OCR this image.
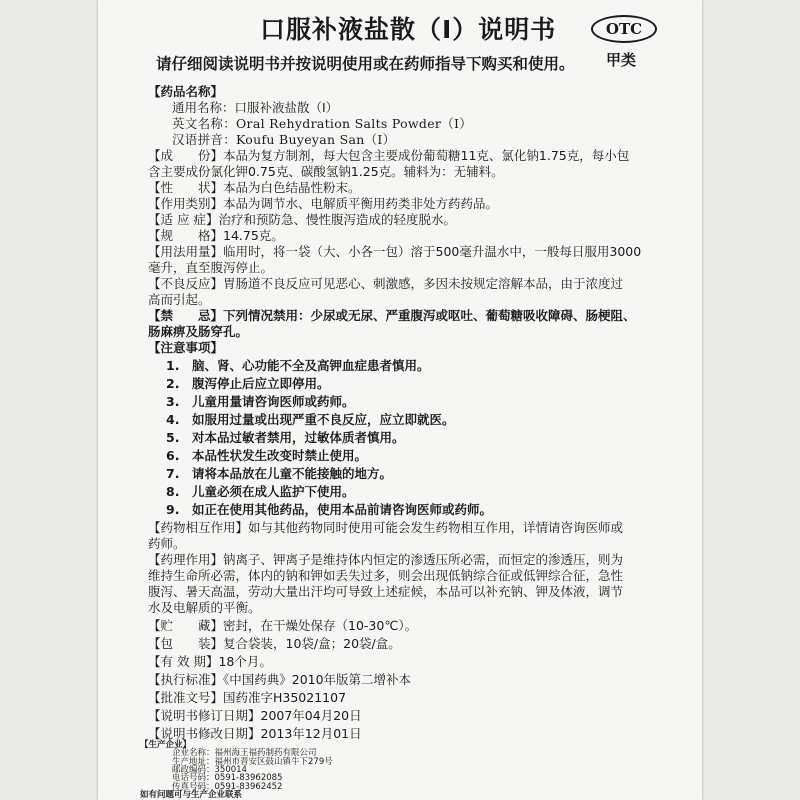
口服补液盐散（Ⅰ）说明书	OTC
甲类
请仔细阅读说明书并按说明使用或在药师指导下购买和使用。
【药品名称】
通用名称：口服补液盐散（Ⅰ）
英文名称：Oral Rehydration Salts Powder（Ⅰ）
汉语拼音：Koufu Buyeyan San（Ⅰ）
【成　　份】本品为复方制剂，每大包含主要成份葡萄糖11克、氯化钠1.75克，每小包
含主要成份氯化钾0.75克、碳酸氢钠1.25克。辅料为：无辅料。
【性　　状】本品为白色结晶性粉末。
【作用类别】本品为调节水、电解质平衡用药类非处方药药品。
【适 应 症】治疗和预防急、慢性腹泻造成的轻度脱水。
【规　　格】14.75克。
【用法用量】临用时，将一袋（大、小各一包）溶于500毫升温水中，一般每日服用3000
毫升，直至腹泻停止。
【不良反应】胃肠道不良反应可见恶心、刺激感，多因未按规定溶解本品，由于浓度过
高而引起。
【禁　　忌】下列情况禁用：少尿或无尿、严重腹泻或呕吐、葡萄糖吸收障碍、肠梗阻、
肠麻痹及肠穿孔。
【注意事项】
1.　脑、肾、心功能不全及高钾血症患者慎用。
2.　腹泻停止后应立即停用。
3.　儿童用量请咨询医师或药师。
4.　如服用过量或出现严重不良反应，应立即就医。
5.　对本品过敏者禁用，过敏体质者慎用。
6.　本品性状发生改变时禁止使用。
7.　请将本品放在儿童不能接触的地方。
8.　儿童必须在成人监护下使用。
9.　如正在使用其他药品，使用本品前请咨询医师或药师。
【药物相互作用】如与其他药物同时使用可能会发生药物相互作用，详情请咨询医师或
药师。
【药理作用】钠离子、钾离子是维持体内恒定的渗透压所必需，而恒定的渗透压，则为
维持生命所必需，体内的钠和钾如丢失过多，则会出现低钠综合征或低钾综合征，急性
腹泻、暑天高温，劳动大量出汗均可导致上述症候，本品可以补充钠、钾及体液，调节
水及电解质的平衡。
【贮　　藏】密封，在干燥处保存（10-30℃）。
【包　　装】复合袋装，10袋/盒；20袋/盒。
【有 效 期】18个月。
【执行标准】《中国药典》2010年版第二增补本
【批准文号】国药准字H35021107
【说明书修订日期】2007年04月20日
【说明书修改日期】2013年12月01日
【生产企业】
企业名称：福州海王福药制药有限公司
生产地址：福州市晋安区鼓山镇牛下279号
邮政编码：350014
电话号码：0591-83962085
传真号码：0591-83962452
如有问题可与生产企业联系
